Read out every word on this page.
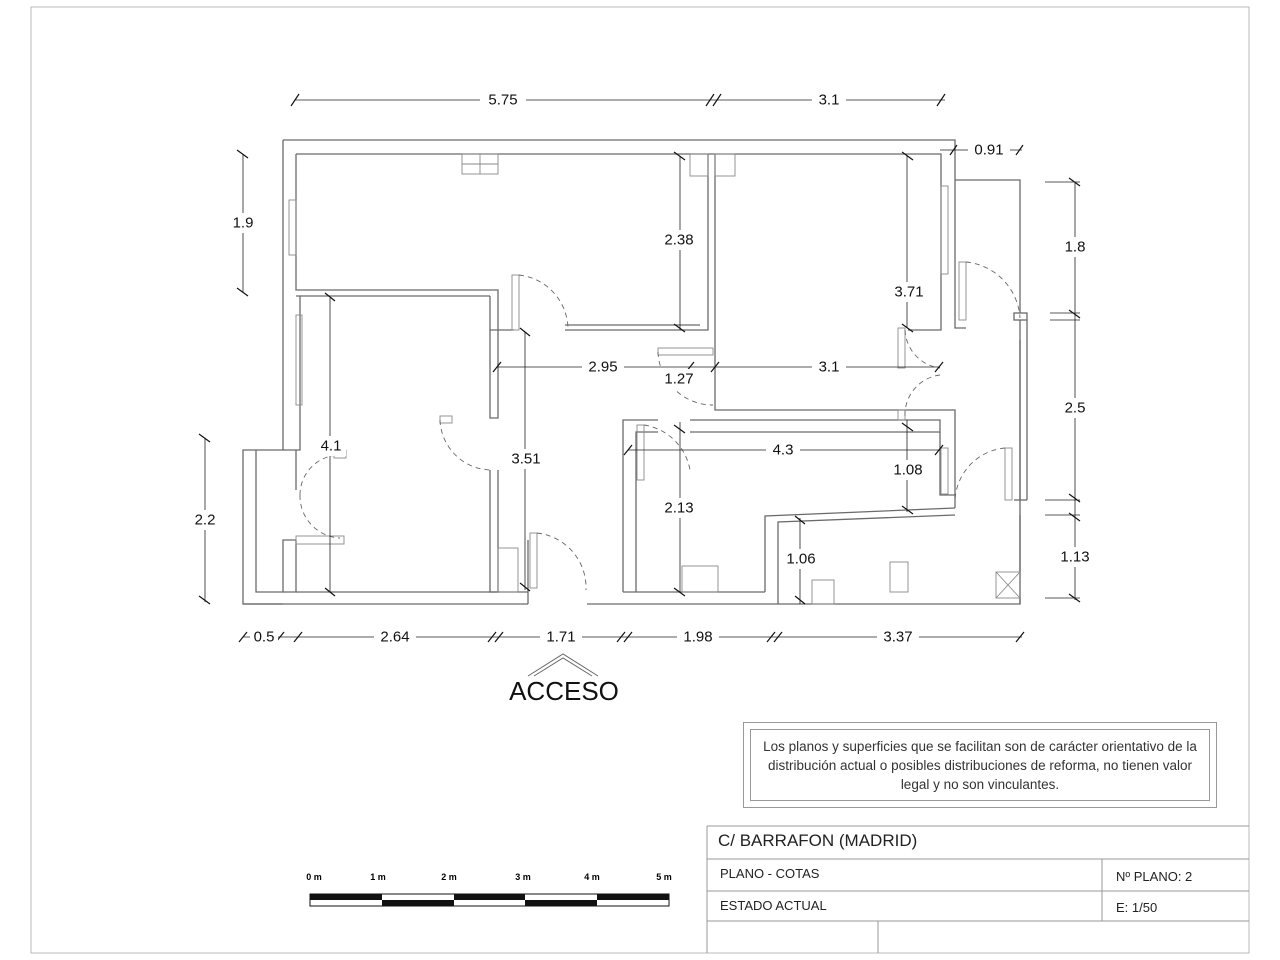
5.75	3.1
0.91
1.9
2.2
1.8
2.5
1.13
2.38
3.71
2.95
1.27
3.1
4.1
3.51
4.3
2.13
1.08
1.06
0.5	2.64	1.71	1.98	3.37
0 m	1 m	2 m	3 m	4 m	5 m
ACCESO
Los planos y superficies que se facilitan son de carácter orientativo de la distribución actual o posibles distribuciones de reforma, no tienen valor legal y no son vinculantes.
C/ BARRAFON (MADRID)
PLANO - COTAS	Nº PLANO: 2
ESTADO ACTUAL	E: 1/50
